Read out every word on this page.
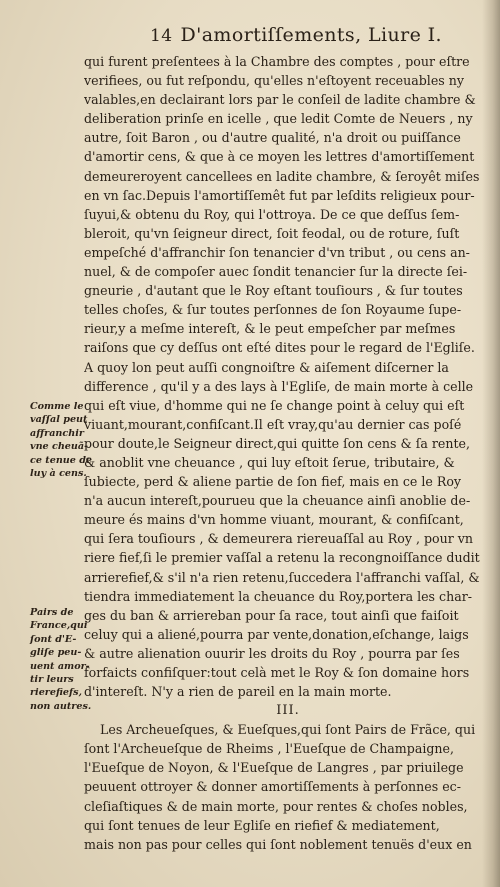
14 D'amortiſſements, Liure I.
qui furent preſentees à la Chambre des comptes , pour eſtre
verifiees, ou fut reſpondu, qu'elles n'eſtoyent receuables ny
valables,en declairant lors par le conſeil de ladite chambre &
deliberation prinſe en icelle , que ledit Comte de Neuers , ny
autre, ſoit Baron , ou d'autre qualité, n'a droit ou puiſſance
d'amortir cens, & que à ce moyen les lettres d'amortiſſement
demeureroyent cancellees en ladite chambre, & ſeroyêt miſes
en vn ſac.Depuis l'amortiſſemêt fut par leſdits religieux pour-
ſuyui,& obtenu du Roy, qui l'ottroya. De ce que deſſus ſem-
bleroit, qu'vn ſeigneur direct, ſoit feodal, ou de roture, ſuſt
empeſché d'affranchir ſon tenancier d'vn tribut , ou cens an-
nuel, & de compoſer auec ſondit tenancier ſur la directe ſei-
gneurie , d'autant que le Roy eſtant touſiours , & ſur toutes
telles choſes, & ſur toutes perſonnes de ſon Royaume ſupe-
rieur,y a meſme intereſt, & le peut empeſcher par meſmes
raiſons que cy deſſus ont eſté dites pour le regard de l'Egliſe.
A quoy lon peut auſſi congnoiſtre & aiſement diſcerner la
difference , qu'il y a des lays à l'Egliſe, de main morte à celle
qui eſt viue, d'homme qui ne ſe change point à celuy qui eſt
viuant,mourant,confiſcant.Il eſt vray,qu'au dernier cas poſé
pour doute,le Seigneur direct,qui quitte ſon cens & ſa rente,
& anoblit vne cheuance , qui luy eſtoit ſerue, tributaire, &
ſubiecte, perd & aliene partie de ſon fief, mais en ce le Roy
n'a aucun intereſt,pourueu que la cheuance ainſi anoblie de-
meure és mains d'vn homme viuant, mourant, & confiſcant,
qui ſera touſiours , & demeurera riereuaſſal au Roy , pour vn
riere fief,ſi le premier vaſſal a retenu la recongnoiſſance dudit
arrierefief,& s'il n'a rien retenu,ſuccedera l'affranchi vaſſal, &
tiendra immediatement la cheuance du Roy,portera les char-
ges du ban & arriereban pour ſa race, tout ainſi que faiſoit
celuy qui a aliené,pourra par vente,donation,eſchange, laigs
& autre alienation ouurir les droits du Roy , pourra par ſes
forfaicts confiſquer:tout celà met le Roy & ſon domaine hors
d'intereſt. N'y a rien de pareil en la main morte.
III.
Les Archeueſques, & Eueſques,qui ſont Pairs de Frãce, qui
ſont l'Archeueſque de Rheims , l'Eueſque de Champaigne,
l'Eueſque de Noyon, & l'Eueſque de Langres , par priuilege
peuuent ottroyer & donner amortiſſements à perſonnes ec-
cleſiaſtiques & de main morte, pour rentes & choſes nobles,
qui ſont tenues de leur Egliſe en riefief & mediatement,
mais non pas pour celles qui ſont noblement tenuës d'eux en
Comme le
vaſſal peut
affranchir
vne cheuã-
ce tenue de
luy à cens.
Pairs de
France,qui
ſont d'E-
gliſe peu-
uent amor-
tir leurs
rierefiefs,
non autres.
